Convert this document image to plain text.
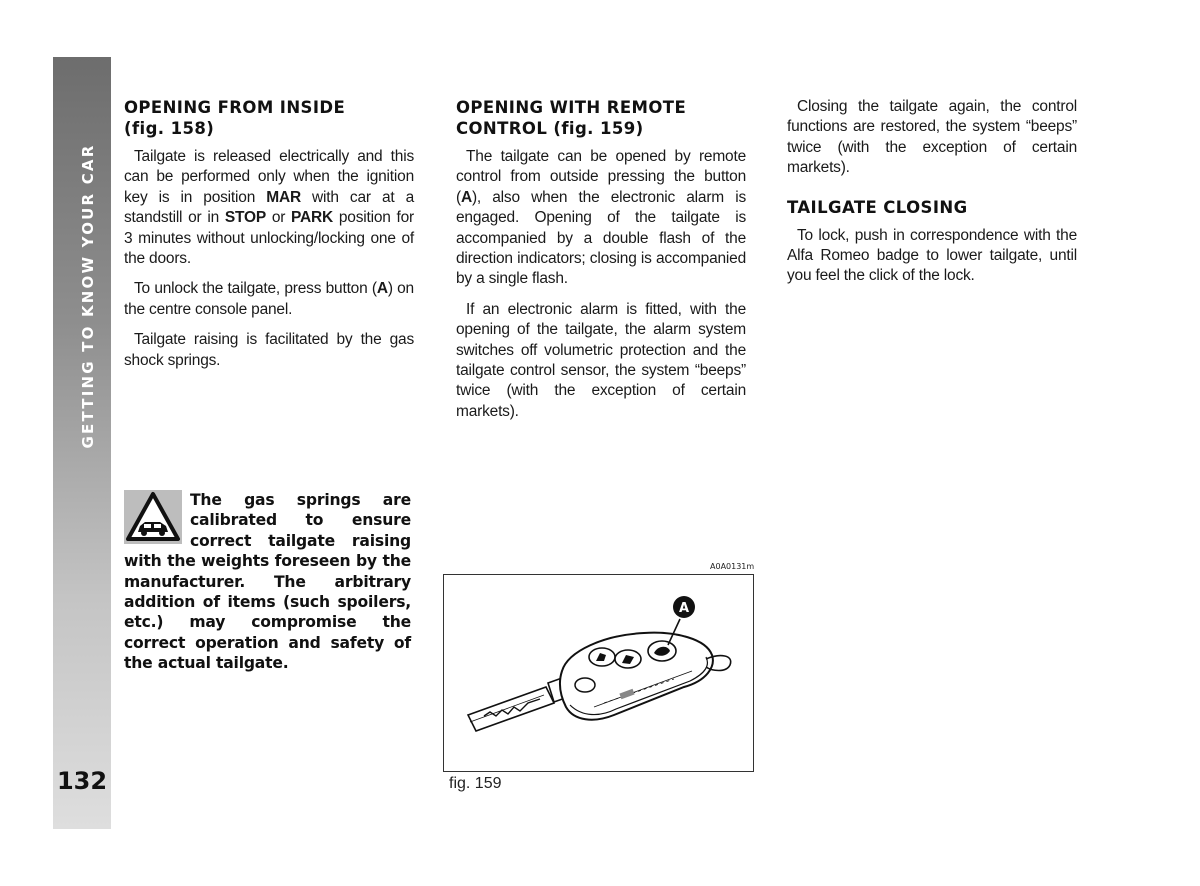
GETTING TO KNOW YOUR CAR
132
OPENING FROM INSIDE
(fig. 158)

Tailgate is released electrically and this can be performed only when the ignition key is in position MAR with car at a standstill or in STOP or PARK position for 3 minutes without unlocking/locking one of the doors.

To unlock the tailgate, press button (A) on the centre console panel.

Tailgate raising is facilitated by the gas shock springs.

The gas springs are calibrated to ensure correct tailgate raising with the weights foreseen by the manufacturer. The arbitrary addition of items (such spoilers, etc.) may compromise the correct operation and safety of the actual tailgate.

OPENING WITH REMOTE
CONTROL (fig. 159)

The tailgate can be opened by remote control from outside pressing the button (A), also when the electronic alarm is engaged. Opening of the tailgate is accompanied by a double flash of the direction indicators; closing is accompanied by a single flash.

If an electronic alarm is fitted, with the opening of the tailgate, the alarm system switches off volumetric protection and the tailgate control sensor, the system “beeps” twice (with the exception of certain markets).

Closing the tailgate again, the control functions are restored, the system “beeps” twice (with the exception of certain markets).

TAILGATE CLOSING

To lock, push in correspondence with the Alfa Romeo badge to lower tailgate, until you feel the click of the lock.

A0A0131m
A
fig. 159
